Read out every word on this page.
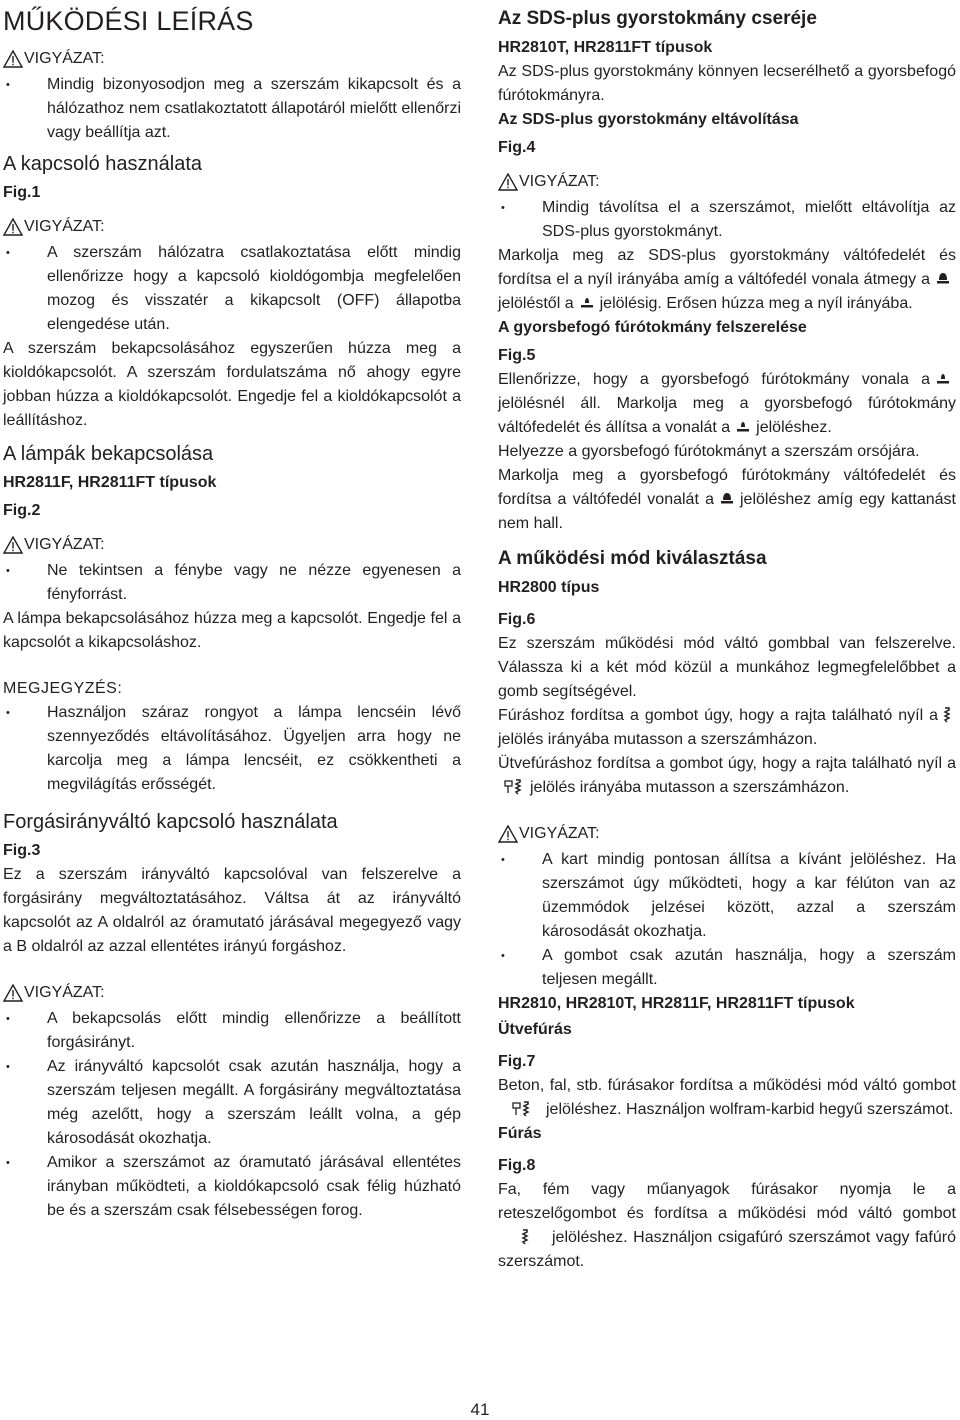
MŰKÖDÉSI LEÍRÁS
VIGYÁZAT:

• Mindig bizonyosodjon meg a szerszám kikapcsolt és a hálózathoz nem csatlakoztatott állapotáról mielőtt ellenőrzi vagy beállítja azt.

A kapcsoló használata
Fig.1
VIGYÁZAT:

• A szerszám hálózatra csatlakoztatása előtt mindig ellenőrizze hogy a kapcsoló kioldógombja megfelelően mozog és visszatér a kikapcsolt (OFF) állapotba elengedése után.

A szerszám bekapcsolásához egyszerűen húzza meg a kioldókapcsolót. A szerszám fordulatszáma nő ahogy egyre jobban húzza a kioldókapcsolót. Engedje fel a kioldókapcsolót a leállításhoz.

A lámpák bekapcsolása
HR2811F, HR2811FT típusok
Fig.2
VIGYÁZAT:

• Ne tekintsen a fénybe vagy ne nézze egyenesen a fényforrást.

A lámpa bekapcsolásához húzza meg a kapcsolót. Engedje fel a kapcsolót a kikapcsoláshoz.

MEGJEGYZÉS:

• Használjon száraz rongyot a lámpa lencséin lévő szennyeződés eltávolításához. Ügyeljen arra hogy ne karcolja meg a lámpa lencséit, ez csökkentheti a megvilágítás erősségét.

Forgásirányváltó kapcsoló használata
Fig.3

Ez a szerszám irányváltó kapcsolóval van felszerelve a forgásirány megváltoztatásához. Váltsa át az irányváltó kapcsolót az A oldalról az óramutató járásával megegyező vagy a B oldalról az azzal ellentétes irányú forgáshoz.

VIGYÁZAT:

• A bekapcsolás előtt mindig ellenőrizze a beállított forgásirányt.

• Az irányváltó kapcsolót csak azután használja, hogy a szerszám teljesen megállt. A forgásirány megváltoztatása még azelőtt, hogy a szerszám leállt volna, a gép károsodását okozhatja.

• Amikor a szerszámot az óramutató járásával ellentétes irányban működteti, a kioldókapcsoló csak félig húzható be és a szerszám csak félsebességen forog.

Az SDS-plus gyorstokmány cseréje
HR2810T, HR2811FT típusok

Az SDS-plus gyorstokmány könnyen lecserélhető a gyorsbefogó fúrótokmányra.

Az SDS-plus gyorstokmány eltávolítása
Fig.4
VIGYÁZAT:

• Mindig távolítsa el a szerszámot, mielőtt eltávolítja az SDS-plus gyorstokmányt.

Markolja meg az SDS-plus gyorstokmány váltófedelét és fordítsa el a nyíl irányába amíg a váltófedél vonala átmegy ajelöléstől a jelölésig. Erősen húzza meg a nyíl irányába.

A gyorsbefogó fúrótokmány felszerelése
Fig.5

Ellenőrizze, hogy a gyorsbefogó fúrótokmány vonala ajelölésnél áll. Markolja meg a gyorsbefogó fúrótokmány váltófedelét és állítsa a vonalát a jelöléshez.

Helyezze a gyorsbefogó fúrótokmányt a szerszám orsójára.

Markolja meg a gyorsbefogó fúrótokmány váltófedelét és fordítsa a váltófedél vonalát a jelöléshez amíg egy kattanást nem hall.

A működési mód kiválasztása
HR2800 típus
Fig.6

Ez szerszám működési mód váltó gombbal van felszerelve. Válassza ki a két mód közül a munkához legmegfelelőbbet a gomb segítségével.

Fúráshoz fordítsa a gombot úgy, hogy a rajta található nyíl ajelölés irányába mutasson a szerszámházon.

Ütvefúráshoz fordítsa a gombot úgy, hogy a rajta található nyíl ajelölés irányába mutasson a szerszámházon.

VIGYÁZAT:

• A kart mindig pontosan állítsa a kívánt jelöléshez. Ha szerszámot úgy működteti, hogy a kar félúton van az üzemmódok jelzései között, azzal a szerszám károsodását okozhatja.

• A gombot csak azután használja, hogy a szerszám teljesen megállt.

HR2810, HR2810T, HR2811F, HR2811FT típusok
Ütvefúrás
Fig.7

Beton, fal, stb. fúrásakor fordítsa a működési mód váltó gombotjelöléshez. Használjon wolfram-karbid hegyű szerszámot.

Fúrás
Fig.8

Fa, fém vagy műanyagok fúrásakor nyomja le a reteszelőgombot és fordítsa a működési mód váltó gombotjelöléshez. Használjon csigafúró szerszámot vagy fafúró szerszámot.

41
